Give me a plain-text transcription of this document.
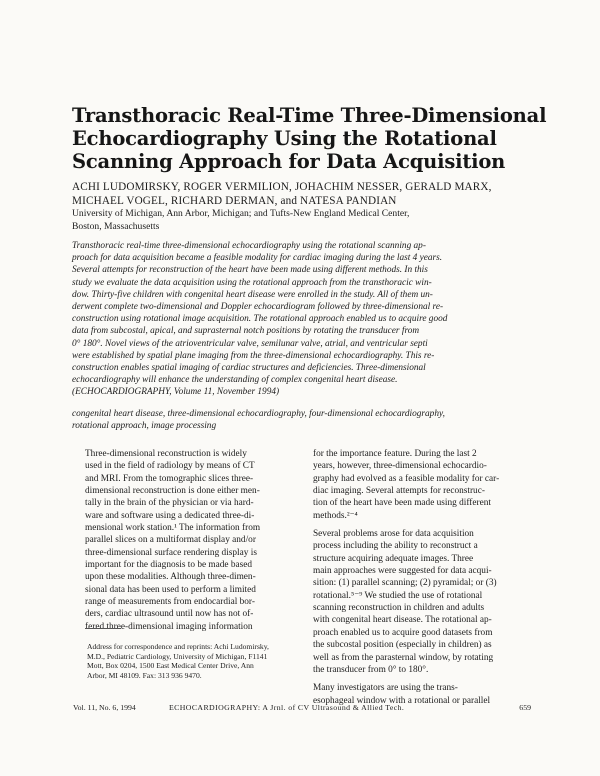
Transthoracic Real-Time Three-Dimensional
Echocardiography Using the Rotational
Scanning Approach for Data Acquisition
ACHI LUDOMIRSKY, ROGER VERMILION, JOHACHIM NESSER, GERALD MARX,
MICHAEL VOGEL, RICHARD DERMAN, and NATESA PANDIAN
University of Michigan, Ann Arbor, Michigan; and Tufts-New England Medical Center,
Boston, Massachusetts
Transthoracic real-time three-dimensional echocardiography using the rotational scanning ap-
proach for data acquisition became a feasible modality for cardiac imaging during the last 4 years.
Several attempts for reconstruction of the heart have been made using different methods. In this
study we evaluate the data acquisition using the rotational approach from the transthoracic win-
dow. Thirty-five children with congenital heart disease were enrolled in the study. All of them un-
derwent complete two-dimensional and Doppler echocardiogram followed by three-dimensional re-
construction using rotational image acquisition. The rotational approach enabled us to acquire good
data from subcostal, apical, and suprasternal notch positions by rotating the transducer from
0° 180°. Novel views of the atrioventricular valve, semilunar valve, atrial, and ventricular septi
were established by spatial plane imaging from the three-dimensional echocardiography. This re-
construction enables spatial imaging of cardiac structures and deficiencies. Three-dimensional
echocardiography will enhance the understanding of complex congenital heart disease.
(ECHOCARDIOGRAPHY, Volume 11, November 1994)
congenital heart disease, three-dimensional echocardiography, four-dimensional echocardiography,
rotational approach, image processing
Three-dimensional reconstruction is widely
used in the field of radiology by means of CT
and MRI. From the tomographic slices three-
dimensional reconstruction is done either men-
tally in the brain of the physician or via hard-
ware and software using a dedicated three-di-
mensional work station.¹ The information from
parallel slices on a multiformat display and/or
three-dimensional surface rendering display is
important for the diagnosis to be made based
upon these modalities. Although three-dimen-
sional data has been used to perform a limited
range of measurements from endocardial bor-
ders, cardiac ultrasound until now has not of-
fered three-dimensional imaging information
Address for correspondence and reprints: Achi Ludomirsky,
M.D., Pediatric Cardiology, University of Michigan, F1141
Mott, Box 0204, 1500 East Medical Center Drive, Ann
Arbor, MI 48109. Fax: 313 936 9470.
for the importance feature. During the last 2
years, however, three-dimensional echocardio-
graphy had evolved as a feasible modality for car-
diac imaging. Several attempts for reconstruc-
tion of the heart have been made using different
methods.²⁻⁴
Several problems arose for data acquisition
process including the ability to reconstruct a
structure acquiring adequate images. Three
main approaches were suggested for data acqui-
sition: (1) parallel scanning; (2) pyramidal; or (3)
rotational.⁵⁻⁹ We studied the use of rotational
scanning reconstruction in children and adults
with congenital heart disease. The rotational ap-
proach enabled us to acquire good datasets from
the subcostal position (especially in children) as
well as from the parasternal window, by rotating
the transducer from 0° to 180°.
Many investigators are using the trans-
esophageal window with a rotational or parallel
Vol. 11, No. 6, 1994	ECHOCARDIOGRAPHY: A Jrnl. of CV Ultrasound & Allied Tech.	659
